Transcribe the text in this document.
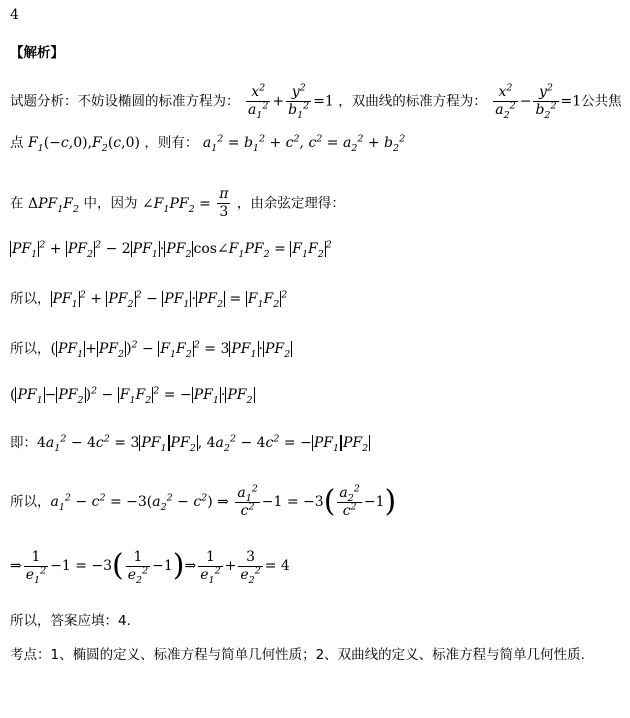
4
【解析】
试题分析：不妨设椭圆的标准方程为： $\frac{x^2}{a_1^2} + \frac{y^2}{b_1^2} =1$ ，双曲线的标准方程为： $\frac{x^2}{a_2^2} - \frac{y^2}{b_2^2} =1$公共焦
点 $F_1(-c,0),F_2(c,0)$ ，则有： $a_1^2 = b_1^2 + c^2$, $c^2 = a_2^2 + b_2^2$
在 $\Delta PF_1F_2$ 中，因为 $\angle F_1PF_2 = \frac{\pi}{3}$ ，由余弦定理得：
$PF_1^2 + PF_2^2 - 2$ $PF_1 \cdot PF_2$ $\cos\angle F_1PF_2 = F_1F_2^2$
所以， $PF_1^2 + PF_2^2 - PF_1 \cdot PF_2 = F_1F_2^2$
所以，( $PF_1 + PF_2$ )$^2 - F_1F_2^2 = 3$ $PF_1 \cdot PF_2$
( $PF_1 - PF_2$ )$^2 - F_1F_2^2$ = − $PF_1 \cdot PF_2$
即：$4a_1^2 - 4c^2 = 3$ $PF_1$ $PF_2$ , $4a_2^2 - 4c^2$ = − $PF_1$ $PF_2$
所以，$a_1^2 - c^2 = -3(a_2^2 - c^2)$ ⇒ $\frac{a_1^2}{c^2} -1 = -3( \frac{a_2^2}{c^2} -1)$
⇒ $\frac{1}{e_1^2} -1 = -3( \frac{1}{e_2^2}$ −1)⇒ $\frac{1}{e_1^2} + \frac{3}{e_2^2} = 4$
所以，答案应填：4.
考点：1、椭圆的定义、标准方程与简单几何性质；2、双曲线的定义、标准方程与简单几何性质.
